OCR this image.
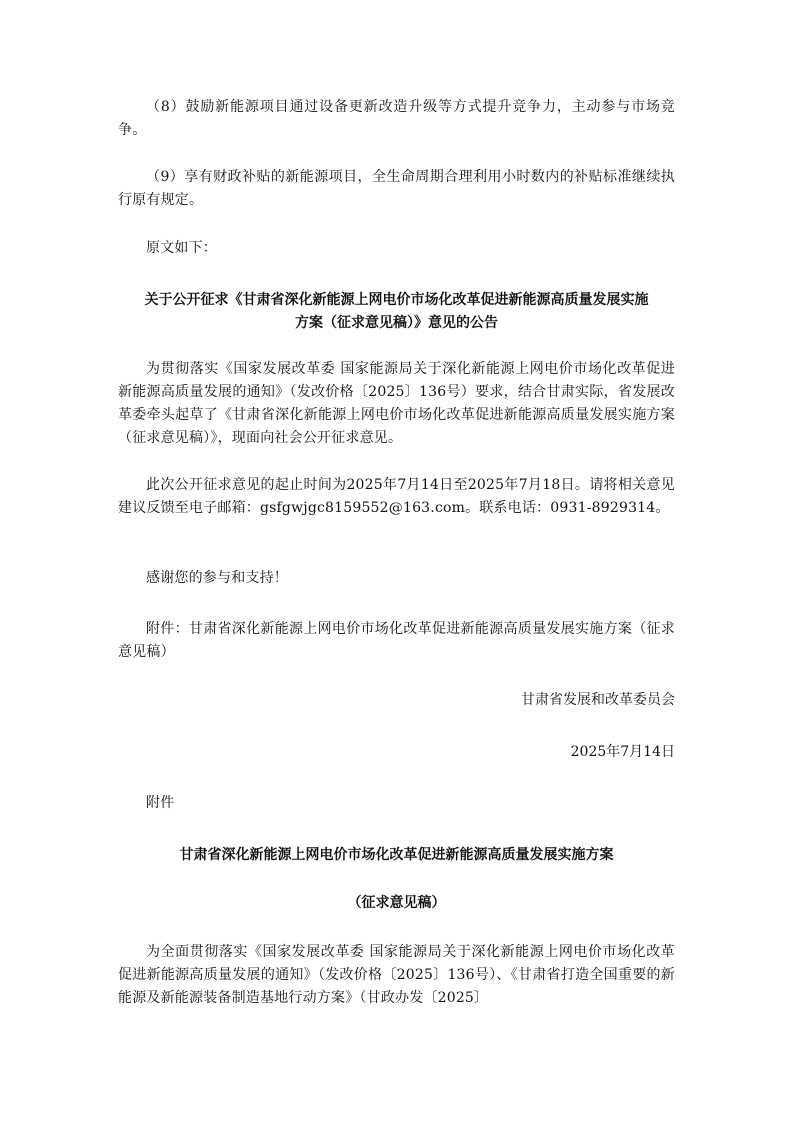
（8）鼓励新能源项目通过设备更新改造升级等方式提升竞争力，主动参与市场竞争。

（9）享有财政补贴的新能源项目，全生命周期合理利用小时数内的补贴标准继续执行原有规定。

原文如下：

关于公开征求《甘肃省深化新能源上网电价市场化改革促进新能源高质量发展实施方案（征求意见稿）》意见的公告

为贯彻落实《国家发展改革委 国家能源局关于深化新能源上网电价市场化改革促进新能源高质量发展的通知》（发改价格〔2025〕136号）要求，结合甘肃实际，省发展改革委牵头起草了《甘肃省深化新能源上网电价市场化改革促进新能源高质量发展实施方案（征求意见稿）》，现面向社会公开征求意见。

此次公开征求意见的起止时间为2025年7月14日至2025年7月18日。请将相关意见建议反馈至电子邮箱：gsfgwjgc8159552@163.com。联系电话：0931-8929314。

感谢您的参与和支持！

附件：甘肃省深化新能源上网电价市场化改革促进新能源高质量发展实施方案（征求意见稿）

甘肃省发展和改革委员会

2025年7月14日

附件

甘肃省深化新能源上网电价市场化改革促进新能源高质量发展实施方案

（征求意见稿）

为全面贯彻落实《国家发展改革委 国家能源局关于深化新能源上网电价市场化改革促进新能源高质量发展的通知》（发改价格〔2025〕136号）、《甘肃省打造全国重要的新能源及新能源装备制造基地行动方案》（甘政办发〔2025〕
